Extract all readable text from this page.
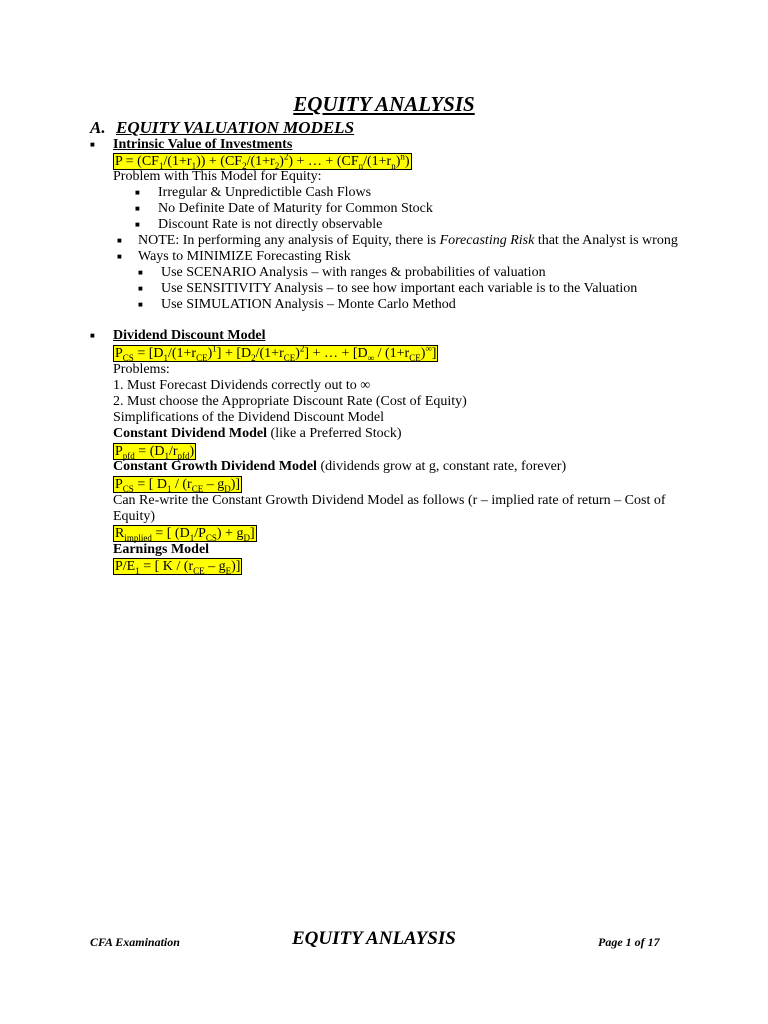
EQUITY ANALYSIS
A. EQUITY VALUATION MODELS
■ Intrinsic Value of Investments
$P = (CF_1/(1+r_1)) + (CF_2/(1+r_2)^2)$ + … + $(CF_n/(1+r_n)^n)$
Problem with This Model for Equity:
■ Irregular & Unpredictible Cash Flows
■ No Definite Date of Maturity for Common Stock
■ Discount Rate is not directly observable
■ NOTE: In performing any analysis of Equity, there is Forecasting Risk that the Analyst is wrong
■ Ways to MINIMIZE Forecasting Risk
■ Use SCENARIO Analysis – with ranges & probabilities of valuation
■ Use SENSITIVITY Analysis – to see how important each variable is to the Valuation
■ Use SIMULATION Analysis – Monte Carlo Method
■ Dividend Discount Model
$P_{CS} = [D_1/(1+r_{CE})^1] + [D_2/(1+r_{CE})^2]$ + … + $[D_\infty / (1+r_{CE})^\infty]$
Problems:
1. Must Forecast Dividends correctly out to ∞
2. Must choose the Appropriate Discount Rate (Cost of Equity)
Simplifications of the Dividend Discount Model
Constant Dividend Model (like a Preferred Stock)
$P_{pfd} = (D_1/r_{pfd})$
Constant Growth Dividend Model (dividends grow at g, constant rate, forever)
$P_{CS}$ = [ $D_1 / (r_{CE} - g_D)$]
Can Re-write the Constant Growth Dividend Model as follows (r – implied rate of return – Cost of
Equity)
$R_{implied}$ = [ $(D_1/P_{CS}) + g_D$]
Earnings Model
$P/E_1$ = [ K / $(r_{CE} - g_E)$]
CFA Examination	EQUITY ANLAYSIS	Page 1 of 17
